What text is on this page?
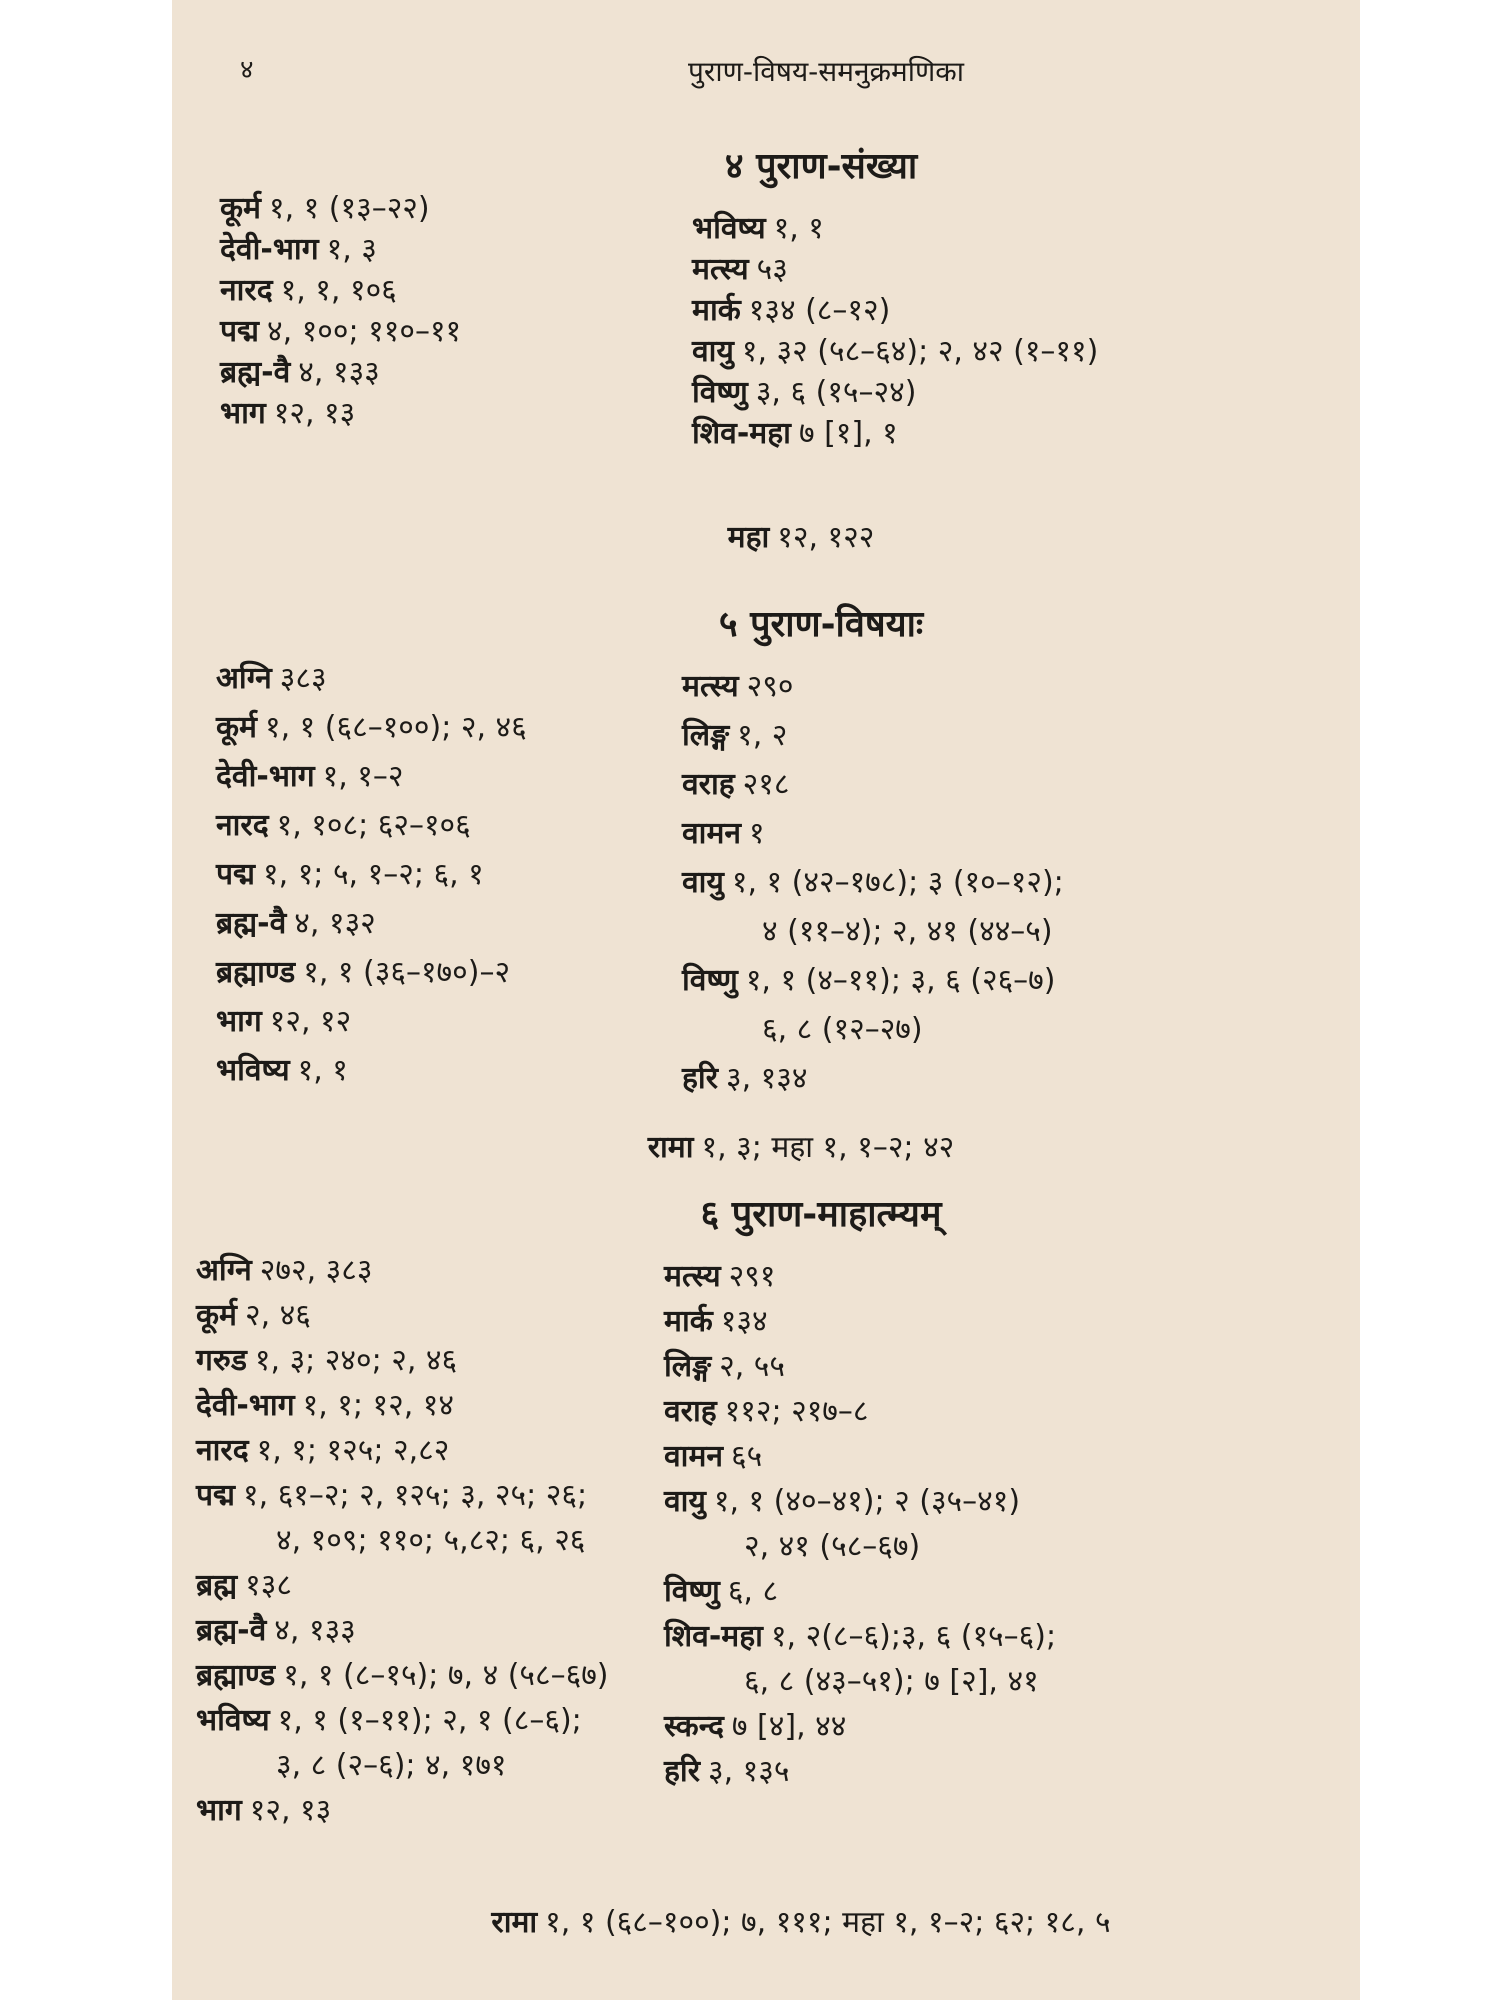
४	पुराण-विषय-समनुक्रमणिका
४ पुराण-संख्या
कूर्म १, १ (१३–२२)
देवी-भाग १, ३
नारद १, १, १०६
पद्म ४, १००; ११०–११
ब्रह्म-वै ४, १३३
भाग १२, १३
भविष्य १, १
मत्स्य ५३
मार्क १३४ (८–१२)
वायु १, ३२ (५८–६४); २, ४२ (१–११)
विष्णु ३, ६ (१५–२४)
शिव-महा ७ [१], १
महा १२, १२२
५ पुराण-विषयाः
अग्नि ३८३
कूर्म १, १ (६८–१००); २, ४६
देवी-भाग १, १–२
नारद १, १०८; ६२–१०६
पद्म १, १; ५, १–२; ६, १
ब्रह्म-वै ४, १३२
ब्रह्माण्ड १, १ (३६–१७०)–२
भाग १२, १२
भविष्य १, १
मत्स्य २९०
लिङ्ग १, २
वराह २१८
वामन १
वायु १, १ (४२–१७८); ३ (१०–१२);
४ (११–४); २, ४१ (४४–५)
विष्णु १, १ (४–११); ३, ६ (२६–७)
६, ८ (१२–२७)
हरि ३, १३४
रामा १, ३; महा १, १–२; ४२
६ पुराण-माहात्म्यम्
अग्नि २७२, ३८३
कूर्म २, ४६
गरुड १, ३; २४०; २, ४६
देवी-भाग १, १; १२, १४
नारद १, १; १२५; २,८२
पद्म १, ६१–२; २, १२५; ३, २५; २६;
४, १०९; ११०; ५,८२; ६, २६
ब्रह्म १३८
ब्रह्म-वै ४, १३३
ब्रह्माण्ड १, १ (८–१५); ७, ४ (५८–६७)
भविष्य १, १ (१–११); २, १ (८–६);
३, ८ (२–६); ४, १७१
भाग १२, १३
मत्स्य २९१
मार्क १३४
लिङ्ग २, ५५
वराह ११२; २१७–८
वामन ६५
वायु १, १ (४०–४१); २ (३५–४१)
२, ४१ (५८–६७)
विष्णु ६, ८
शिव-महा १, २(८–६);३, ६ (१५–६);
६, ८ (४३–५१); ७ [२], ४१
स्कन्द ७ [४], ४४
हरि ३, १३५
रामा १, १ (६८–१००); ७, १११; महा १, १–२; ६२; १८, ५
